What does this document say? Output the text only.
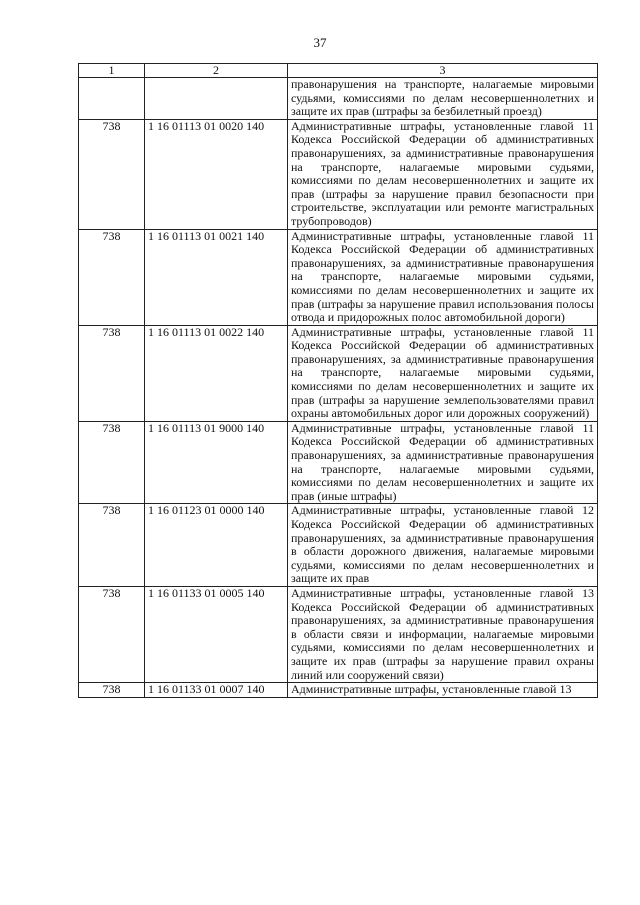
37
1	2	3
		правонарушения на транспорте, налагаемые мировыми судьями, комиссиями по делам несовершеннолетних и защите их прав (штрафы за безбилетный проезд)
738	1 16 01113 01 0020 140	Административные штрафы, установленные главой 11 Кодекса Российской Федерации об административных правонарушениях, за административные правонарушения на транспорте, налагаемые мировыми судьями, комиссиями по делам несовершеннолетних и защите их прав (штрафы за нарушение правил безопасности при строительстве, эксплуатации или ремонте магистральных трубопроводов)
738	1 16 01113 01 0021 140	Административные штрафы, установленные главой 11 Кодекса Российской Федерации об административных правонарушениях, за административные правонарушения на транспорте, налагаемые мировыми судьями, комиссиями по делам несовершеннолетних и защите их прав (штрафы за нарушение правил использования полосы отвода и придорожных полос автомобильной дороги)
738	1 16 01113 01 0022 140	Административные штрафы, установленные главой 11 Кодекса Российской Федерации об административных правонарушениях, за административные правонарушения на транспорте, налагаемые мировыми судьями, комиссиями по делам несовершеннолетних и защите их прав (штрафы за нарушение землепользователями правил охраны автомобильных дорог или дорожных сооружений)
738	1 16 01113 01 9000 140	Административные штрафы, установленные главой 11 Кодекса Российской Федерации об административных правонарушениях, за административные правонарушения на транспорте, налагаемые мировыми судьями, комиссиями по делам несовершеннолетних и защите их прав (иные штрафы)
738	1 16 01123 01 0000 140	Административные штрафы, установленные главой 12 Кодекса Российской Федерации об административных правонарушениях, за административные правонарушения в области дорожного движения, налагаемые мировыми судьями, комиссиями по делам несовершеннолетних и защите их прав
738	1 16 01133 01 0005 140	Административные штрафы, установленные главой 13 Кодекса Российской Федерации об административных правонарушениях, за административные правонарушения в области связи и информации, налагаемые мировыми судьями, комиссиями по делам несовершеннолетних и защите их прав (штрафы за нарушение правил охраны линий или сооружений связи)
738	1 16 01133 01 0007 140	Административные штрафы, установленные главой 13
